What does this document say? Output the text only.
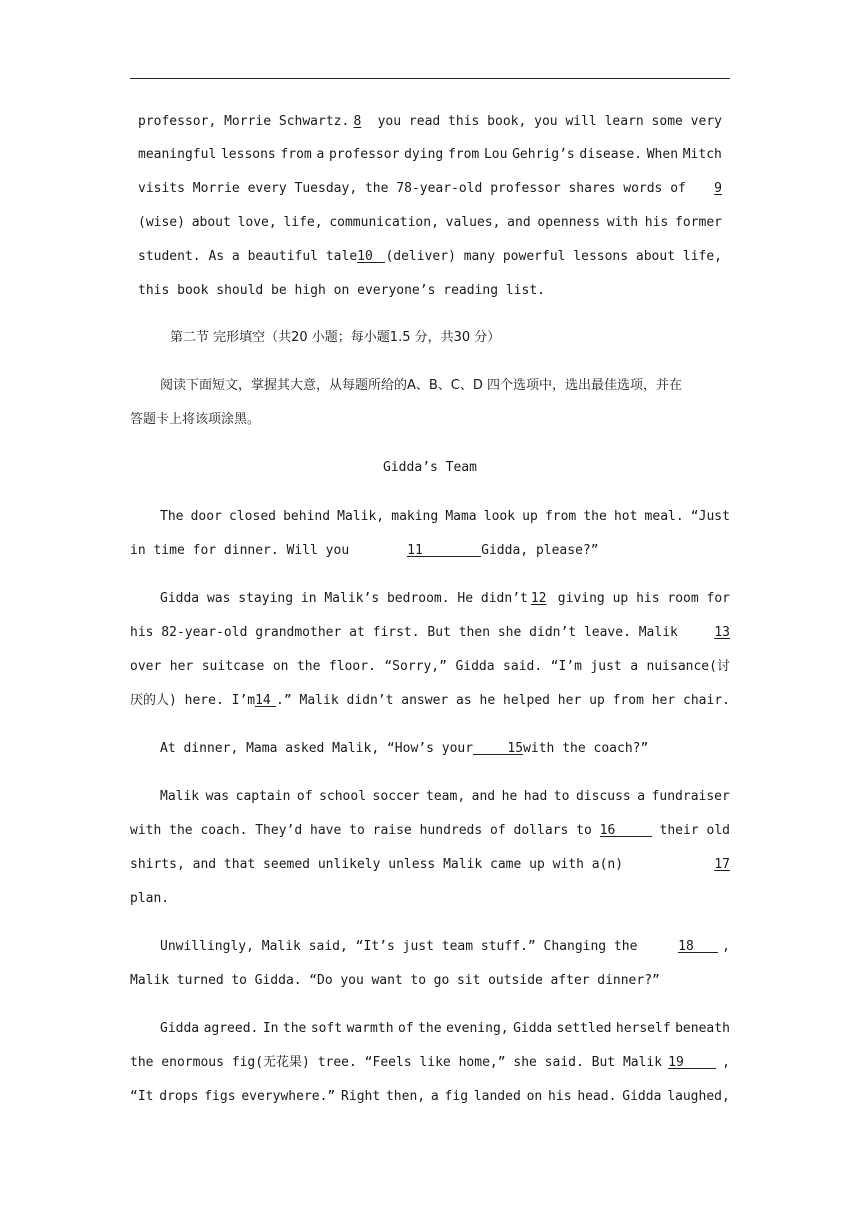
professor, Morrie Schwartz. 8	you read this book, you will learn some very
meaningful lessons from a professor dying from Lou Gehrig’s disease. When Mitch
visits Morrie every Tuesday, the 78-year-old professor shares words of 9
(wise) about love, life, communication, values, and openness with his former
student. As a beautiful tale 10 (deliver) many powerful lessons about life,
this book should be high on everyone’s reading list.
第二节 完形填空（共20 小题；每小题1.5 分，共30 分）
阅读下面短文，掌握其大意，从每题所给的A、B、C、D 四个选项中，选出最佳选项，并在
答题卡上将该项涂黑。
Gidda’s Team
The door closed behind Malik, making Mama look up from the hot meal. “Just
in time for dinner. Will you	11	Gidda, please?”
Gidda was staying in Malik’s bedroom. He didn’t 12 giving up his room for
his 82-year-old grandmother at first. But then she didn’t leave. Malik	13
over her suitcase on the floor. “Sorry,” Gidda said. “I’m just a nuisance(讨
厌的人) here. I’m 14 .” Malik didn’t answer as he helped her up from her chair.
At dinner, Mama asked Malik, “How’s your	15with the coach?”
Malik was captain of school soccer team, and he had to discuss a fundraiser
with the coach. They’d have to raise hundreds of dollars to 16	their old
shirts, and that seemed unlikely unless Malik came up with a(n)	17
plan.
Unwillingly, Malik said, “It’s just team stuff.” Changing the	18	,
Malik turned to Gidda. “Do you want to go sit outside after dinner?”
Gidda agreed. In the soft warmth of the evening, Gidda settled herself beneath
the enormous fig(无花果) tree. “Feels like home,” she said. But Malik 19	,
“It drops figs everywhere.” Right then, a fig landed on his head. Gidda laughed,
